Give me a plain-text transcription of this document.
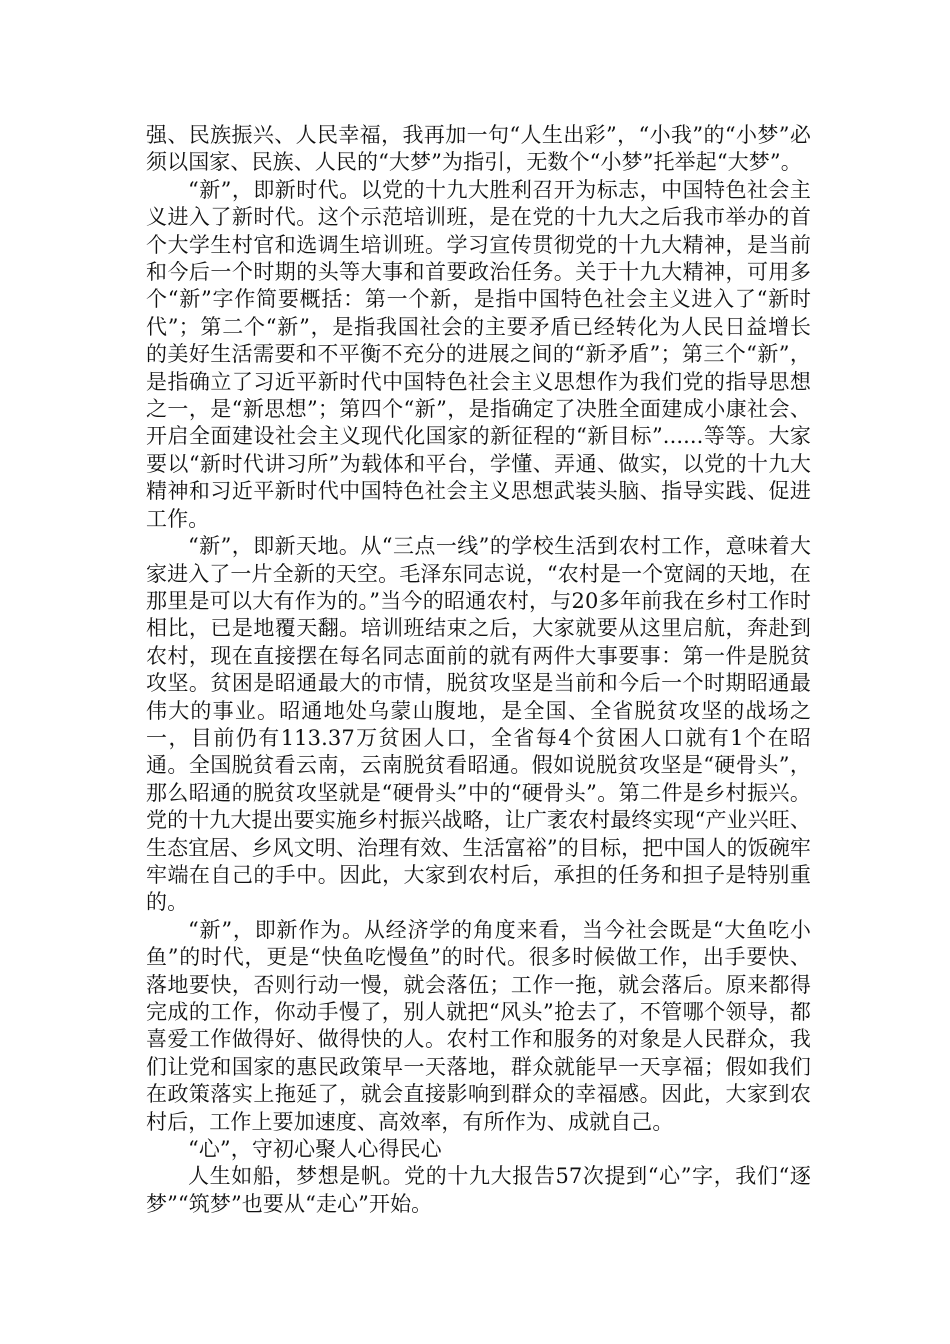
强、民族振兴、人民幸福，我再加一句“人生出彩”，“小我”的“小梦”必须以国家、民族、人民的“大梦”为指引，无数个“小梦”托举起“大梦”。

“新”，即新时代。以党的十九大胜利召开为标志，中国特色社会主义进入了新时代。这个示范培训班，是在党的十九大之后我市举办的首个大学生村官和选调生培训班。学习宣传贯彻党的十九大精神，是当前和今后一个时期的头等大事和首要政治任务。关于十九大精神，可用多个“新”字作简要概括：第一个新，是指中国特色社会主义进入了“新时代”；第二个“新”，是指我国社会的主要矛盾已经转化为人民日益增长的美好生活需要和不平衡不充分的进展之间的“新矛盾”；第三个“新”，是指确立了习近平新时代中国特色社会主义思想作为我们党的指导思想之一，是“新思想”；第四个“新”，是指确定了决胜全面建成小康社会、开启全面建设社会主义现代化国家的新征程的“新目标”......等等。大家要以“新时代讲习所”为载体和平台，学懂、弄通、做实，以党的十九大精神和习近平新时代中国特色社会主义思想武装头脑、指导实践、促进工作。

“新”，即新天地。从“三点一线”的学校生活到农村工作，意味着大家进入了一片全新的天空。毛泽东同志说，“农村是一个宽阔的天地，在那里是可以大有作为的。”当今的昭通农村，与20多年前我在乡村工作时相比，已是地覆天翻。培训班结束之后，大家就要从这里启航，奔赴到农村，现在直接摆在每名同志面前的就有两件大事要事：第一件是脱贫攻坚。贫困是昭通最大的市情，脱贫攻坚是当前和今后一个时期昭通最伟大的事业。昭通地处乌蒙山腹地，是全国、全省脱贫攻坚的战场之一，目前仍有113.37万贫困人口，全省每4个贫困人口就有1个在昭通。全国脱贫看云南，云南脱贫看昭通。假如说脱贫攻坚是“硬骨头”，那么昭通的脱贫攻坚就是“硬骨头”中的“硬骨头”。第二件是乡村振兴。党的十九大提出要实施乡村振兴战略，让广袤农村最终实现“产业兴旺、生态宜居、乡风文明、治理有效、生活富裕”的目标，把中国人的饭碗牢牢端在自己的手中。因此，大家到农村后，承担的任务和担子是特别重的。

“新”，即新作为。从经济学的角度来看，当今社会既是“大鱼吃小鱼”的时代，更是“快鱼吃慢鱼”的时代。很多时候做工作，出手要快、落地要快，否则行动一慢，就会落伍；工作一拖，就会落后。原来都得完成的工作，你动手慢了，别人就把“风头”抢去了，不管哪个领导，都喜爱工作做得好、做得快的人。农村工作和服务的对象是人民群众，我们让党和国家的惠民政策早一天落地，群众就能早一天享福；假如我们在政策落实上拖延了，就会直接影响到群众的幸福感。因此，大家到农村后，工作上要加速度、高效率，有所作为、成就自己。

“心”，守初心聚人心得民心

人生如船，梦想是帆。党的十九大报告57次提到“心”字，我们“逐梦”“筑梦”也要从“走心”开始。
